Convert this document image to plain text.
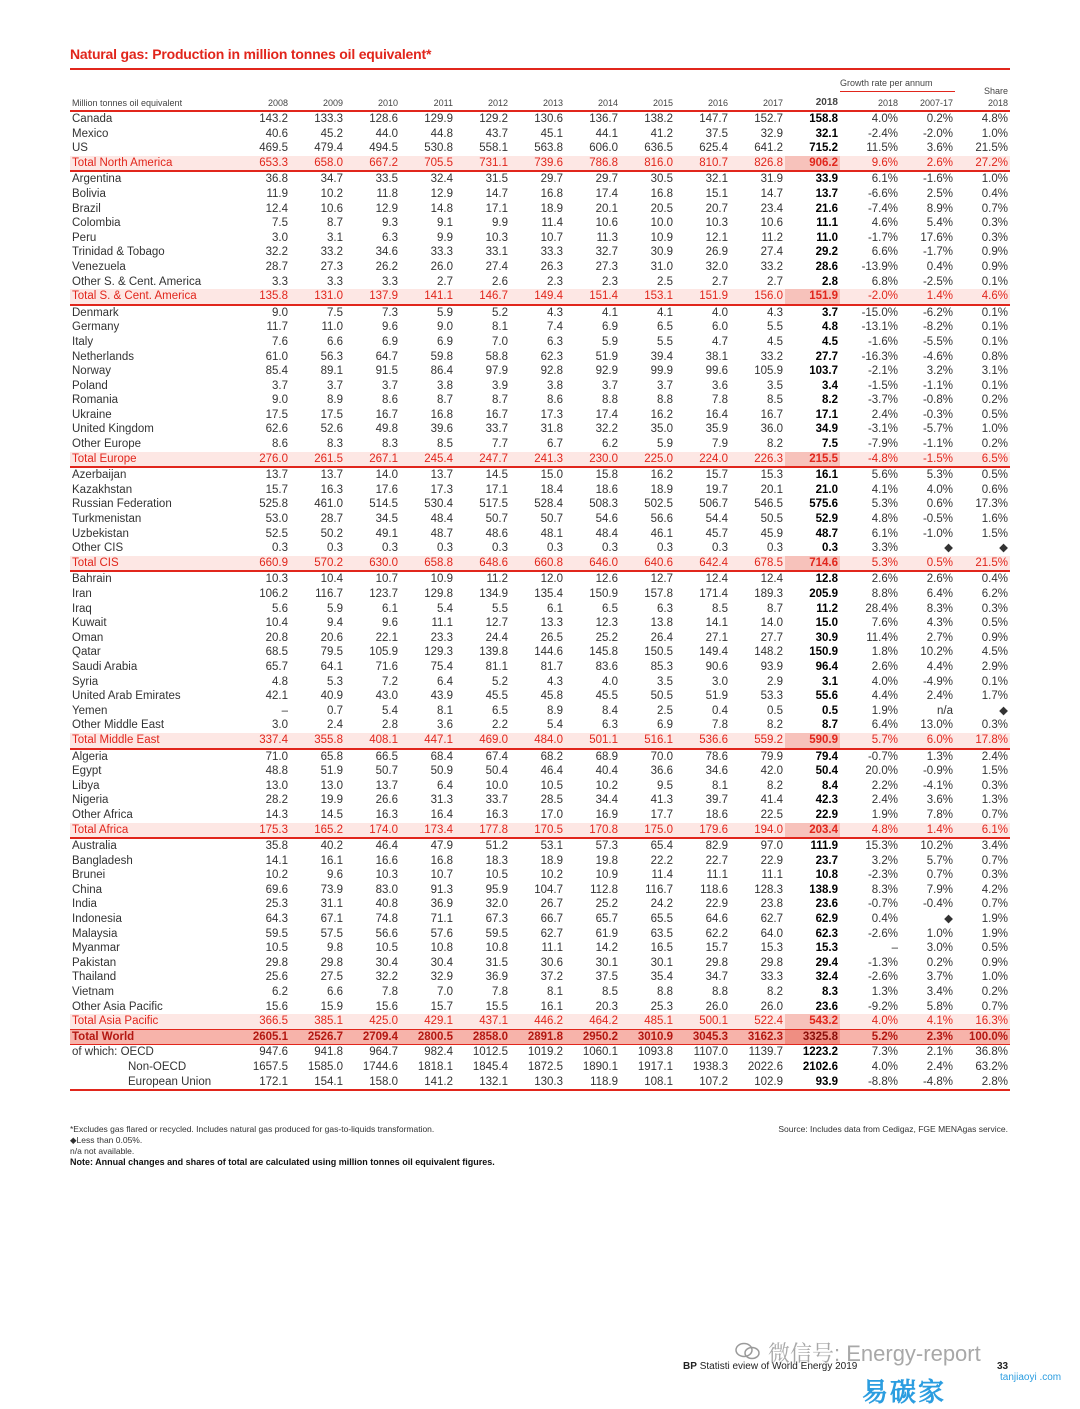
Natural gas: Production in million tonnes oil equivalent*
Growth rate per annum
Share
Million tonnes oil equivalent	2008	2009	2010	2011	2012	2013	2014	2015	2016	2017	2018	2018	2007-17	2018
Canada	143.2	133.3	128.6	129.9	129.2	130.6	136.7	138.2	147.7	152.7	158.8	4.0%	0.2%	4.8%
Mexico	40.6	45.2	44.0	44.8	43.7	45.1	44.1	41.2	37.5	32.9	32.1	-2.4%	-2.0%	1.0%
US	469.5	479.4	494.5	530.8	558.1	563.8	606.0	636.5	625.4	641.2	715.2	11.5%	3.6%	21.5%
Total North America	653.3	658.0	667.2	705.5	731.1	739.6	786.8	816.0	810.7	826.8	906.2	9.6%	2.6%	27.2%
Argentina	36.8	34.7	33.5	32.4	31.5	29.7	29.7	30.5	32.1	31.9	33.9	6.1%	-1.6%	1.0%
Bolivia	11.9	10.2	11.8	12.9	14.7	16.8	17.4	16.8	15.1	14.7	13.7	-6.6%	2.5%	0.4%
Brazil	12.4	10.6	12.9	14.8	17.1	18.9	20.1	20.5	20.7	23.4	21.6	-7.4%	8.9%	0.7%
Colombia	7.5	8.7	9.3	9.1	9.9	11.4	10.6	10.0	10.3	10.6	11.1	4.6%	5.4%	0.3%
Peru	3.0	3.1	6.3	9.9	10.3	10.7	11.3	10.9	12.1	11.2	11.0	-1.7%	17.6%	0.3%
Trinidad & Tobago	32.2	33.2	34.6	33.3	33.1	33.3	32.7	30.9	26.9	27.4	29.2	6.6%	-1.7%	0.9%
Venezuela	28.7	27.3	26.2	26.0	27.4	26.3	27.3	31.0	32.0	33.2	28.6	-13.9%	0.4%	0.9%
Other S. & Cent. America	3.3	3.3	3.3	2.7	2.6	2.3	2.3	2.5	2.7	2.7	2.8	6.8%	-2.5%	0.1%
Total S. & Cent. America	135.8	131.0	137.9	141.1	146.7	149.4	151.4	153.1	151.9	156.0	151.9	-2.0%	1.4%	4.6%
Denmark	9.0	7.5	7.3	5.9	5.2	4.3	4.1	4.1	4.0	4.3	3.7	-15.0%	-6.2%	0.1%
Germany	11.7	11.0	9.6	9.0	8.1	7.4	6.9	6.5	6.0	5.5	4.8	-13.1%	-8.2%	0.1%
Italy	7.6	6.6	6.9	6.9	7.0	6.3	5.9	5.5	4.7	4.5	4.5	-1.6%	-5.5%	0.1%
Netherlands	61.0	56.3	64.7	59.8	58.8	62.3	51.9	39.4	38.1	33.2	27.7	-16.3%	-4.6%	0.8%
Norway	85.4	89.1	91.5	86.4	97.9	92.8	92.9	99.9	99.6	105.9	103.7	-2.1%	3.2%	3.1%
Poland	3.7	3.7	3.7	3.8	3.9	3.8	3.7	3.7	3.6	3.5	3.4	-1.5%	-1.1%	0.1%
Romania	9.0	8.9	8.6	8.7	8.7	8.6	8.8	8.8	7.8	8.5	8.2	-3.7%	-0.8%	0.2%
Ukraine	17.5	17.5	16.7	16.8	16.7	17.3	17.4	16.2	16.4	16.7	17.1	2.4%	-0.3%	0.5%
United Kingdom	62.6	52.6	49.8	39.6	33.7	31.8	32.2	35.0	35.9	36.0	34.9	-3.1%	-5.7%	1.0%
Other Europe	8.6	8.3	8.3	8.5	7.7	6.7	6.2	5.9	7.9	8.2	7.5	-7.9%	-1.1%	0.2%
Total Europe	276.0	261.5	267.1	245.4	247.7	241.3	230.0	225.0	224.0	226.3	215.5	-4.8%	-1.5%	6.5%
Azerbaijan	13.7	13.7	14.0	13.7	14.5	15.0	15.8	16.2	15.7	15.3	16.1	5.6%	5.3%	0.5%
Kazakhstan	15.7	16.3	17.6	17.3	17.1	18.4	18.6	18.9	19.7	20.1	21.0	4.1%	4.0%	0.6%
Russian Federation	525.8	461.0	514.5	530.4	517.5	528.4	508.3	502.5	506.7	546.5	575.6	5.3%	0.6%	17.3%
Turkmenistan	53.0	28.7	34.5	48.4	50.7	50.7	54.6	56.6	54.4	50.5	52.9	4.8%	-0.5%	1.6%
Uzbekistan	52.5	50.2	49.1	48.7	48.6	48.1	48.4	46.1	45.7	45.9	48.7	6.1%	-1.0%	1.5%
Other CIS	0.3	0.3	0.3	0.3	0.3	0.3	0.3	0.3	0.3	0.3	0.3	3.3%	◆	◆
Total CIS	660.9	570.2	630.0	658.8	648.6	660.8	646.0	640.6	642.4	678.5	714.6	5.3%	0.5%	21.5%
Bahrain	10.3	10.4	10.7	10.9	11.2	12.0	12.6	12.7	12.4	12.4	12.8	2.6%	2.6%	0.4%
Iran	106.2	116.7	123.7	129.8	134.9	135.4	150.9	157.8	171.4	189.3	205.9	8.8%	6.4%	6.2%
Iraq	5.6	5.9	6.1	5.4	5.5	6.1	6.5	6.3	8.5	8.7	11.2	28.4%	8.3%	0.3%
Kuwait	10.4	9.4	9.6	11.1	12.7	13.3	12.3	13.8	14.1	14.0	15.0	7.6%	4.3%	0.5%
Oman	20.8	20.6	22.1	23.3	24.4	26.5	25.2	26.4	27.1	27.7	30.9	11.4%	2.7%	0.9%
Qatar	68.5	79.5	105.9	129.3	139.8	144.6	145.8	150.5	149.4	148.2	150.9	1.8%	10.2%	4.5%
Saudi Arabia	65.7	64.1	71.6	75.4	81.1	81.7	83.6	85.3	90.6	93.9	96.4	2.6%	4.4%	2.9%
Syria	4.8	5.3	7.2	6.4	5.2	4.3	4.0	3.5	3.0	2.9	3.1	4.0%	-4.9%	0.1%
United Arab Emirates	42.1	40.9	43.0	43.9	45.5	45.8	45.5	50.5	51.9	53.3	55.6	4.4%	2.4%	1.7%
Yemen	–	0.7	5.4	8.1	6.5	8.9	8.4	2.5	0.4	0.5	0.5	1.9%	n/a	◆
Other Middle East	3.0	2.4	2.8	3.6	2.2	5.4	6.3	6.9	7.8	8.2	8.7	6.4%	13.0%	0.3%
Total Middle East	337.4	355.8	408.1	447.1	469.0	484.0	501.1	516.1	536.6	559.2	590.9	5.7%	6.0%	17.8%
Algeria	71.0	65.8	66.5	68.4	67.4	68.2	68.9	70.0	78.6	79.9	79.4	-0.7%	1.3%	2.4%
Egypt	48.8	51.9	50.7	50.9	50.4	46.4	40.4	36.6	34.6	42.0	50.4	20.0%	-0.9%	1.5%
Libya	13.0	13.0	13.7	6.4	10.0	10.5	10.2	9.5	8.1	8.2	8.4	2.2%	-4.1%	0.3%
Nigeria	28.2	19.9	26.6	31.3	33.7	28.5	34.4	41.3	39.7	41.4	42.3	2.4%	3.6%	1.3%
Other Africa	14.3	14.5	16.3	16.4	16.3	17.0	16.9	17.7	18.6	22.5	22.9	1.9%	7.8%	0.7%
Total Africa	175.3	165.2	174.0	173.4	177.8	170.5	170.8	175.0	179.6	194.0	203.4	4.8%	1.4%	6.1%
Australia	35.8	40.2	46.4	47.9	51.2	53.1	57.3	65.4	82.9	97.0	111.9	15.3%	10.2%	3.4%
Bangladesh	14.1	16.1	16.6	16.8	18.3	18.9	19.8	22.2	22.7	22.9	23.7	3.2%	5.7%	0.7%
Brunei	10.2	9.6	10.3	10.7	10.5	10.2	10.9	11.4	11.1	11.1	10.8	-2.3%	0.7%	0.3%
China	69.6	73.9	83.0	91.3	95.9	104.7	112.8	116.7	118.6	128.3	138.9	8.3%	7.9%	4.2%
India	25.3	31.1	40.8	36.9	32.0	26.7	25.2	24.2	22.9	23.8	23.6	-0.7%	-0.4%	0.7%
Indonesia	64.3	67.1	74.8	71.1	67.3	66.7	65.7	65.5	64.6	62.7	62.9	0.4%	◆	1.9%
Malaysia	59.5	57.5	56.6	57.6	59.5	62.7	61.9	63.5	62.2	64.0	62.3	-2.6%	1.0%	1.9%
Myanmar	10.5	9.8	10.5	10.8	10.8	11.1	14.2	16.5	15.7	15.3	15.3	–	3.0%	0.5%
Pakistan	29.8	29.8	30.4	30.4	31.5	30.6	30.1	30.1	29.8	29.8	29.4	-1.3%	0.2%	0.9%
Thailand	25.6	27.5	32.2	32.9	36.9	37.2	37.5	35.4	34.7	33.3	32.4	-2.6%	3.7%	1.0%
Vietnam	6.2	6.6	7.8	7.0	7.8	8.1	8.5	8.8	8.8	8.2	8.3	1.3%	3.4%	0.2%
Other Asia Pacific	15.6	15.9	15.6	15.7	15.5	16.1	20.3	25.3	26.0	26.0	23.6	-9.2%	5.8%	0.7%
Total Asia Pacific	366.5	385.1	425.0	429.1	437.1	446.2	464.2	485.1	500.1	522.4	543.2	4.0%	4.1%	16.3%
Total World	2605.1	2526.7	2709.4	2800.5	2858.0	2891.8	2950.2	3010.9	3045.3	3162.3	3325.8	5.2%	2.3%	100.0%
of which: OECD	947.6	941.8	964.7	982.4	1012.5	1019.2	1060.1	1093.8	1107.0	1139.7	1223.2	7.3%	2.1%	36.8%
Non-OECD	1657.5	1585.0	1744.6	1818.1	1845.4	1872.5	1890.1	1917.1	1938.3	2022.6	2102.6	4.0%	2.4%	63.2%
European Union	172.1	154.1	158.0	141.2	132.1	130.3	118.9	108.1	107.2	102.9	93.9	-8.8%	-4.8%	2.8%
*Excludes gas flared or recycled. Includes natural gas produced for gas-to-liquids transformation.
◆Less than 0.05%.
n/a not available.
Note: Annual changes and shares of total are calculated using million tonnes oil equivalent figures.
Source: Includes data from Cedigaz, FGE MENAgas service.
BP Statisti eview of World Energy 2019	33
微信号: Energy-report
易碳家	tanjiaoyi .com
